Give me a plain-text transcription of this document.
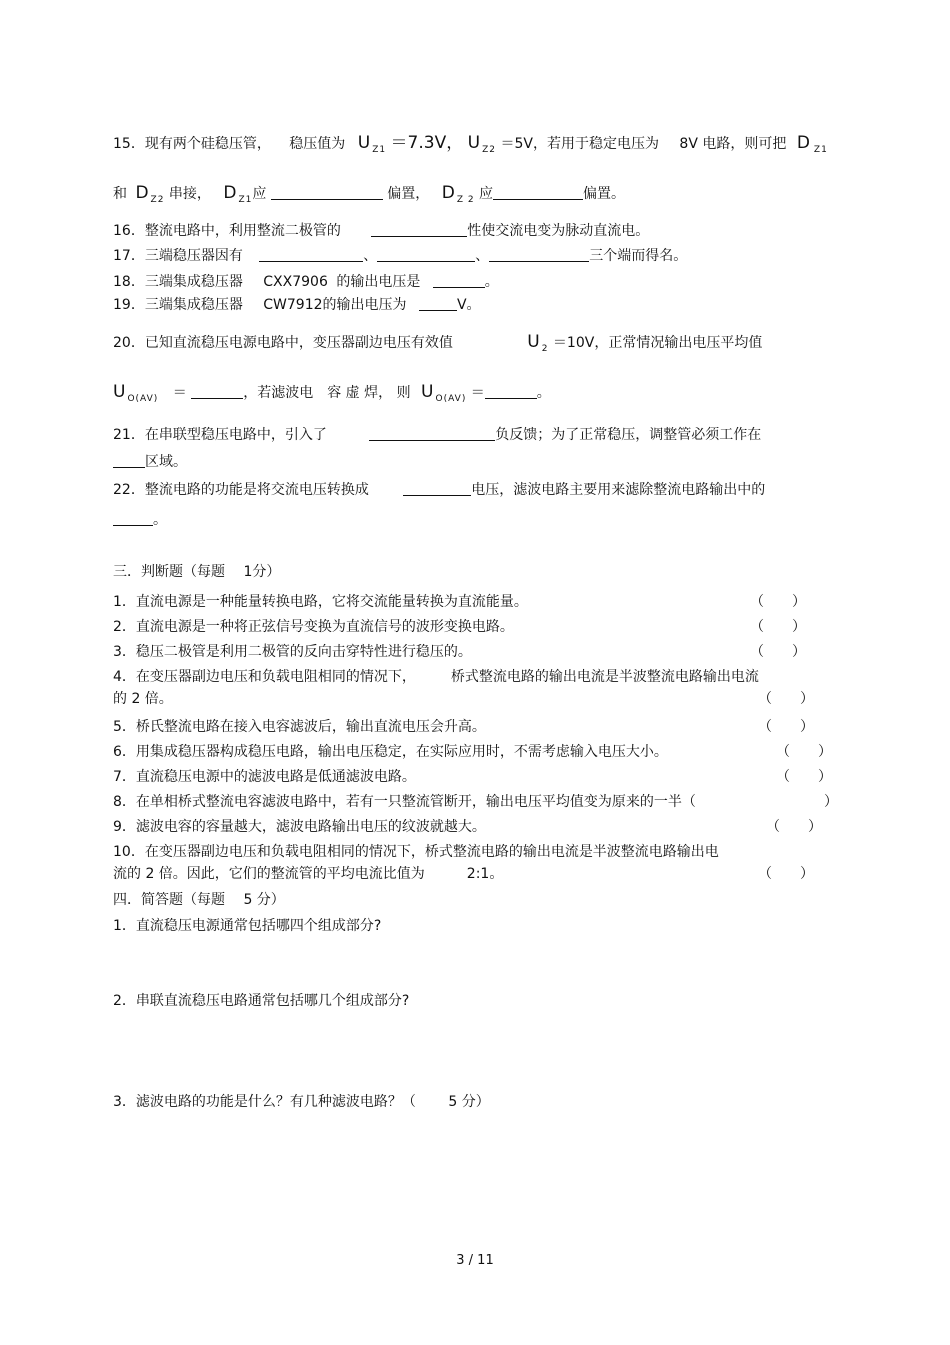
15．现有两个硅稳压管， 稳压值为 U $_{Z1}$ ＝7.3V， U $_{Z2}$ ＝5V，若用于稳定电压为 8V 电路，则可把 D $_{Z1}$
和 D $_{Z2}$ 串接， D $_{Z1}$应	偏置， D $_{Z 2}$ 应	偏置。
16．整流电路中，利用整流二极管的	性使交流电变为脉动直流电。
17．三端稳压器因有	、	、	三个端而得名。
18．三端集成稳压器 CXX7906 的输出电压是	。
19．三端集成稳压器 CW7912的输出电压为	V。
20．已知直流稳压电源电路中，变压器副边电压有效值	U $_2$ ＝10V，正常情况输出电压平均值
U $_{O(AV)}$ ＝	，若滤波电　容 虚 焊， 则 U $_{O(AV)}$ ＝	。
21．在串联型稳压电路中，引入了	负反馈；为了正常稳压，调整管必须工作在
区域。
22．整流电路的功能是将交流电压转换成	电压，滤波电路主要用来滤除整流电路输出中的
。
三．判断题（每题　 1分）
1．直流电源是一种能量转换电路，它将交流能量转换为直流能量。	（　　）
2．直流电源是一种将正弦信号变换为直流信号的波形变换电路。	（　　）
3．稳压二极管是利用二极管的反向击穿特性进行稳压的。	（　　）
4．在变压器副边电压和负载电阻相同的情况下，　　　桥式整流电路的输出电流是半波整流电路输出电流
的 2 倍。	（　　）
5．桥氏整流电路在接入电容滤波后，输出直流电压会升高。	（　　）
6．用集成稳压器构成稳压电路，输出电压稳定，在实际应用时，不需考虑输入电压大小。	（　　）
7．直流稳压电源中的滤波电路是低通滤波电路。	（　　）
8．在单相桥式整流电容滤波电路中，若有一只整流管断开，输出电压平均值变为原来的一半（	）
9．滤波电容的容量越大，滤波电路输出电压的纹波就越大。	（　　）
10．在变压器副边电压和负载电阻相同的情况下，桥式整流电路的输出电流是半波整流电路输出电
流的 2 倍。因此，它们的整流管的平均电流比值为　　　2:1。	（　　）
四．简答题（每题　 5 分）
1．直流稳压电源通常包括哪四个组成部分?
2．串联直流稳压电路通常包括哪几个组成部分?
3．滤波电路的功能是什么？有几种滤波电路？（　　 5 分）
3 / 11
